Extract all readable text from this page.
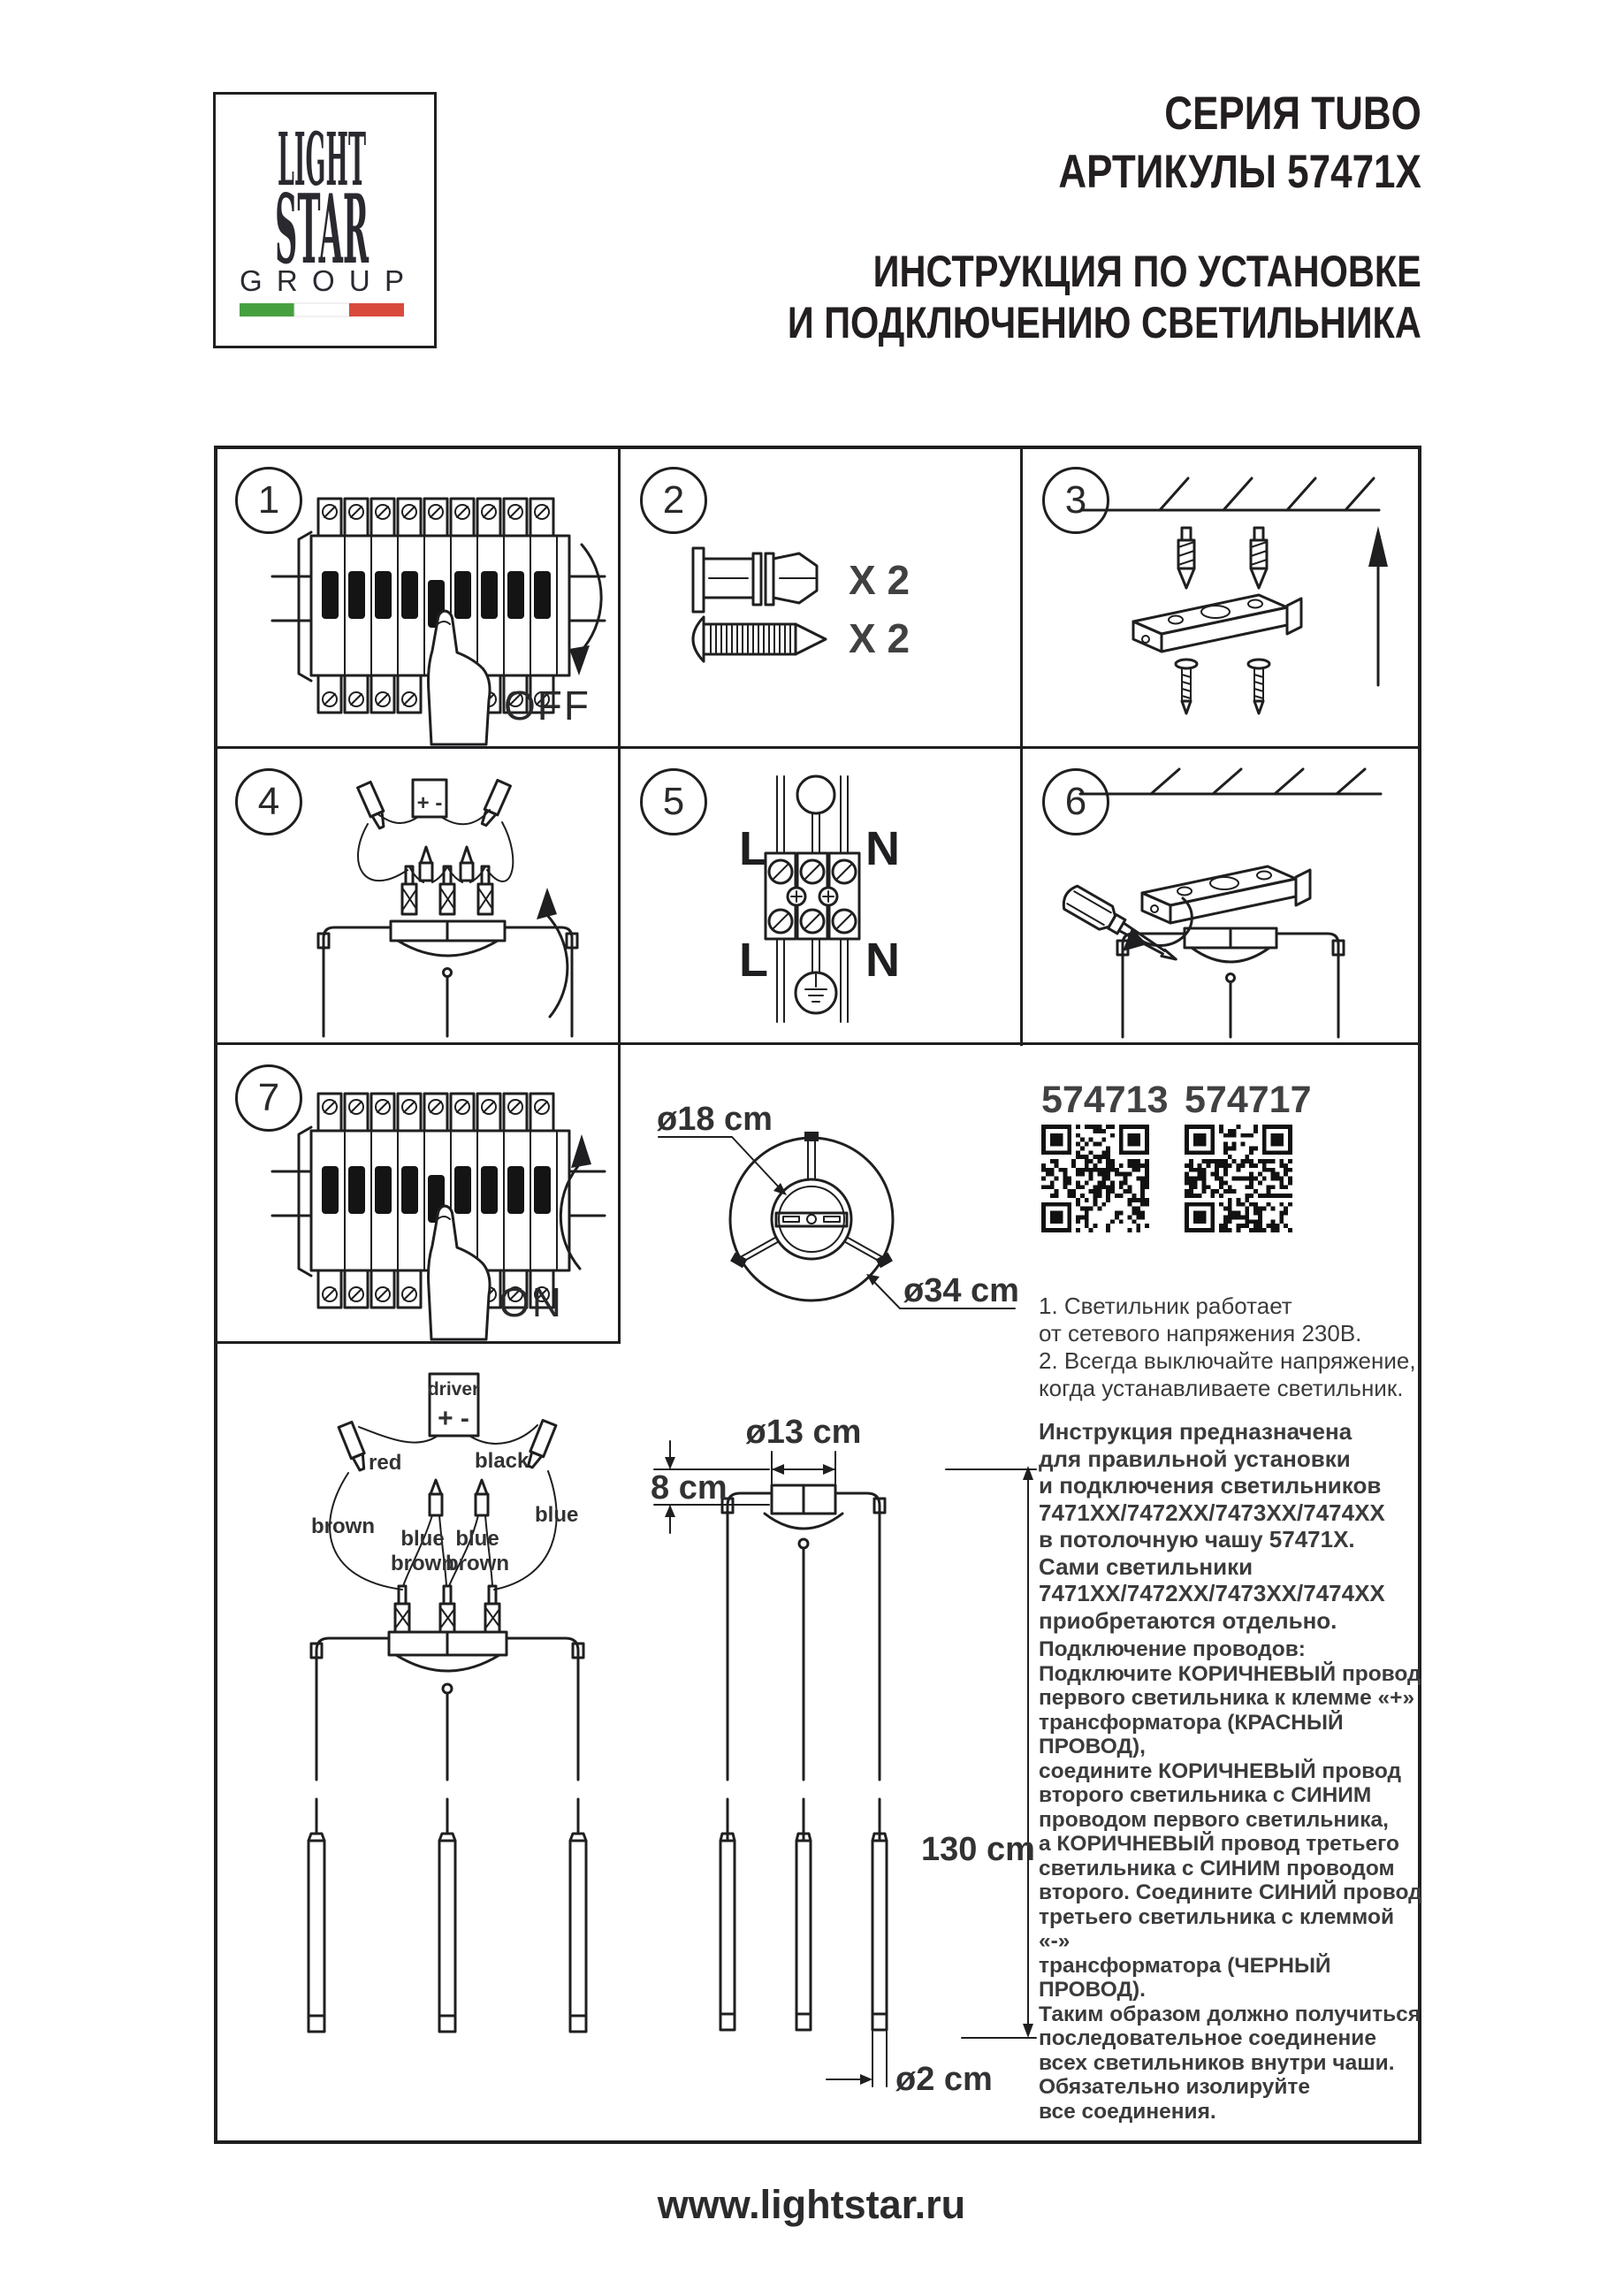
LIGHT
STAR
GROUP
СЕРИЯ TUBO
АРТИКУЛЫ 57471X
ИНСТРУКЦИЯ ПО УСТАНОВКЕ
И ПОДКЛЮЧЕНИЮ СВЕТИЛЬНИКА
1	2	3
4	5	6
7
OFF
X 2
X 2
+ -
L N
L N
ON
ø18 cm
ø34 cm
574713 574717
ø13 cm
8 cm
130 cm
ø2 cm
driver
+ -
red	black
brown	blue
blue
brown
blue
brown
1. Светильник работает
от сетевого напряжения 230В.
2. Всегда выключайте напряжение,
когда устанавливаете светильник.
Инструкция предназначена
для правильной установки
и подключения светильников
7471XX/7472XX/7473XX/7474XX
в потолочную чашу 57471X.
Сами светильники
7471XX/7472XX/7473XX/7474XX
приобретаются отдельно.
Подключение проводов:
Подключите КОРИЧНЕВЫЙ провод
первого светильника к клемме «+»
трансформатора (КРАСНЫЙ ПРОВОД),
соедините КОРИЧНЕВЫЙ провод
второго светильника с СИНИМ
проводом первого светильника,
а КОРИЧНЕВЫЙ провод третьего
светильника с СИНИМ проводом
второго. Соедините СИНИЙ провод
третьего светильника с клеммой «-»
трансформатора (ЧЕРНЫЙ ПРОВОД).
Таким образом должно получиться
последовательное соединение
всех светильников внутри чаши.
Обязательно изолируйте
все соединения.
www.lightstar.ru
